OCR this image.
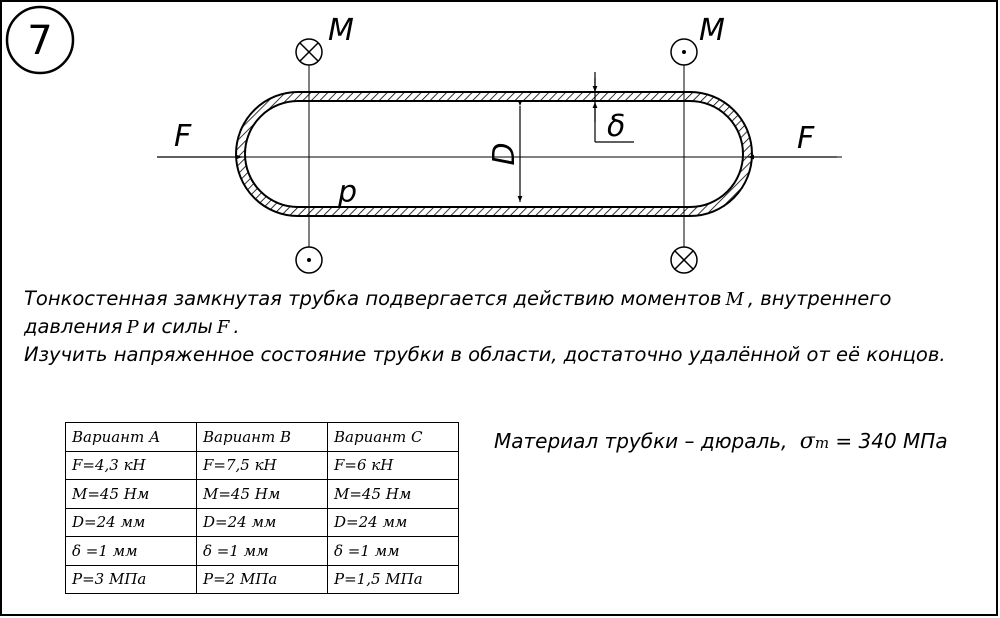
7	M	M
F	F
D
δ
p
Тонкостенная замкнутая трубка подвергается действию моментов M , внутреннего
давления P и силы F .
Изучить напряженное состояние трубки в области, достаточно удалённой от её концов.
Вариант А	Вариант В	Вариант С
F=4,3 кН	F=7,5 кН	F=6 кН
M=45 Нм	M=45 Нм	M=45 Нм
D=24 мм	D=24 мм	D=24 мм
δ =1 мм	δ =1 мм	δ =1 мм
P=3 МПа	P=2 МПа	P=1,5 МПа
Материал трубки – дюраль, σт = 340 МПа
